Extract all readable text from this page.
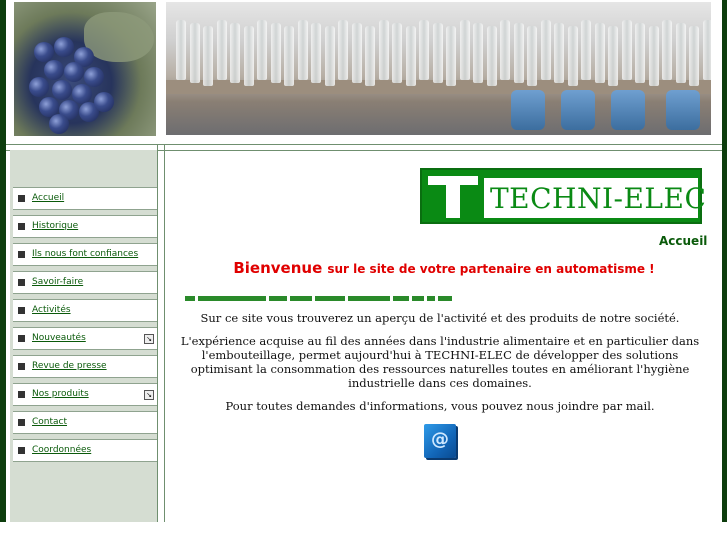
Accueil
Historique
Ils nous font confiances
Savoir-faire
Activités
Nouveautés	↘
Revue de presse
Nos produits	↘
Contact
Coordonnées
TECHNI-ELEC
Accueil
Bienvenue sur le site de votre partenaire en automatisme !
Sur ce site vous trouverez un aperçu de l'activité et des produits de notre société.
L'expérience acquise au fil des années dans l'industrie alimentaire et en particulier dans l'embouteillage, permet aujourd'hui à TECHNI-ELEC de développer des solutions optimisant la consommation des ressources naturelles toutes en améliorant l'hygiène industrielle dans ces domaines.
Pour toutes demandes d'informations, vous pouvez nous joindre par mail.
@
